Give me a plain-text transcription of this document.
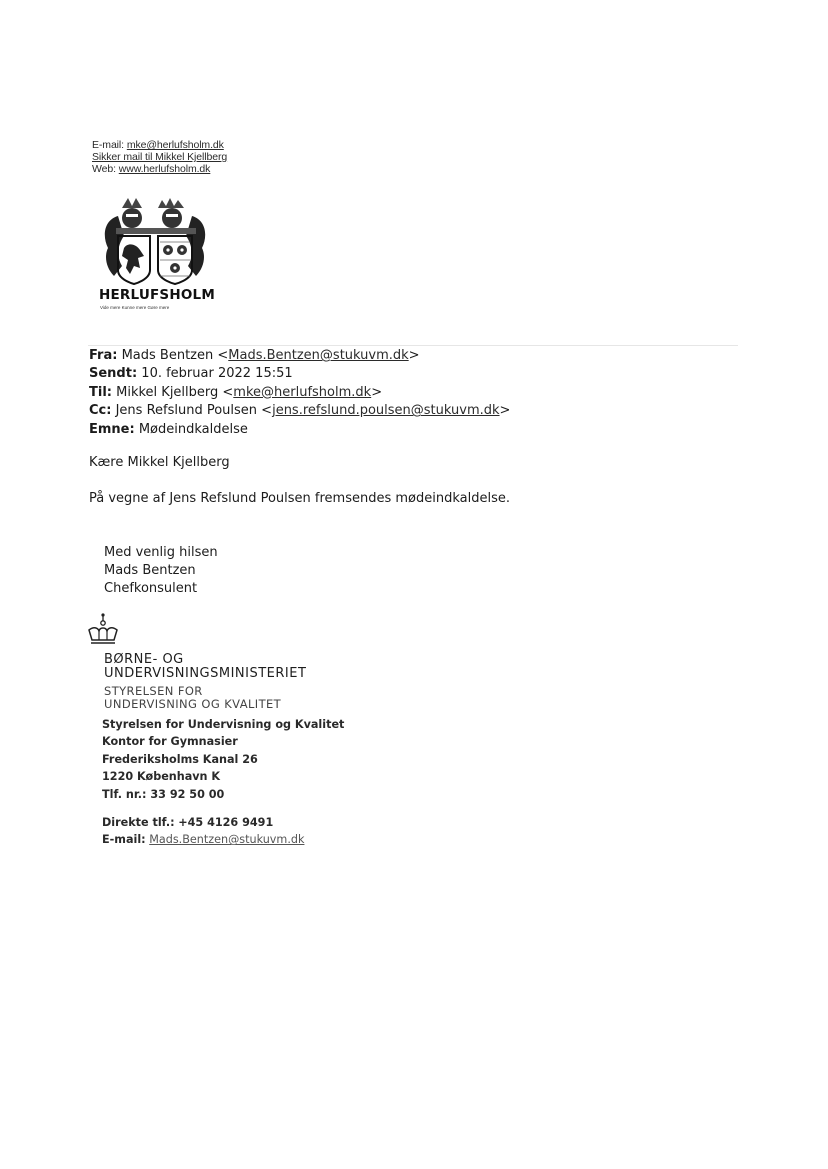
E-mail: mke@herlufsholm.dk
Sikker mail til Mikkel Kjellberg
Web: www.herlufsholm.dk
HERLUFSHOLM
Vide mere Kunne mere Gøre mere
Fra: Mads Bentzen <Mads.Bentzen@stukuvm.dk>
Sendt: 10. februar 2022 15:51
Til: Mikkel Kjellberg <mke@herlufsholm.dk>
Cc: Jens Refslund Poulsen <jens.refslund.poulsen@stukuvm.dk>
Emne: Mødeindkaldelse
Kære Mikkel Kjellberg
På vegne af Jens Refslund Poulsen fremsendes mødeindkaldelse.
Med venlig hilsen
Mads Bentzen
Chefkonsulent
BØRNE- OG
UNDERVISNINGSMINISTERIET
STYRELSEN FOR
UNDERVISNING OG KVALITET
Styrelsen for Undervisning og Kvalitet
Kontor for Gymnasier
Frederiksholms Kanal 26
1220 København K
Tlf. nr.: 33 92 50 00
Direkte tlf.: +45 4126 9491
E-mail: Mads.Bentzen@stukuvm.dk
